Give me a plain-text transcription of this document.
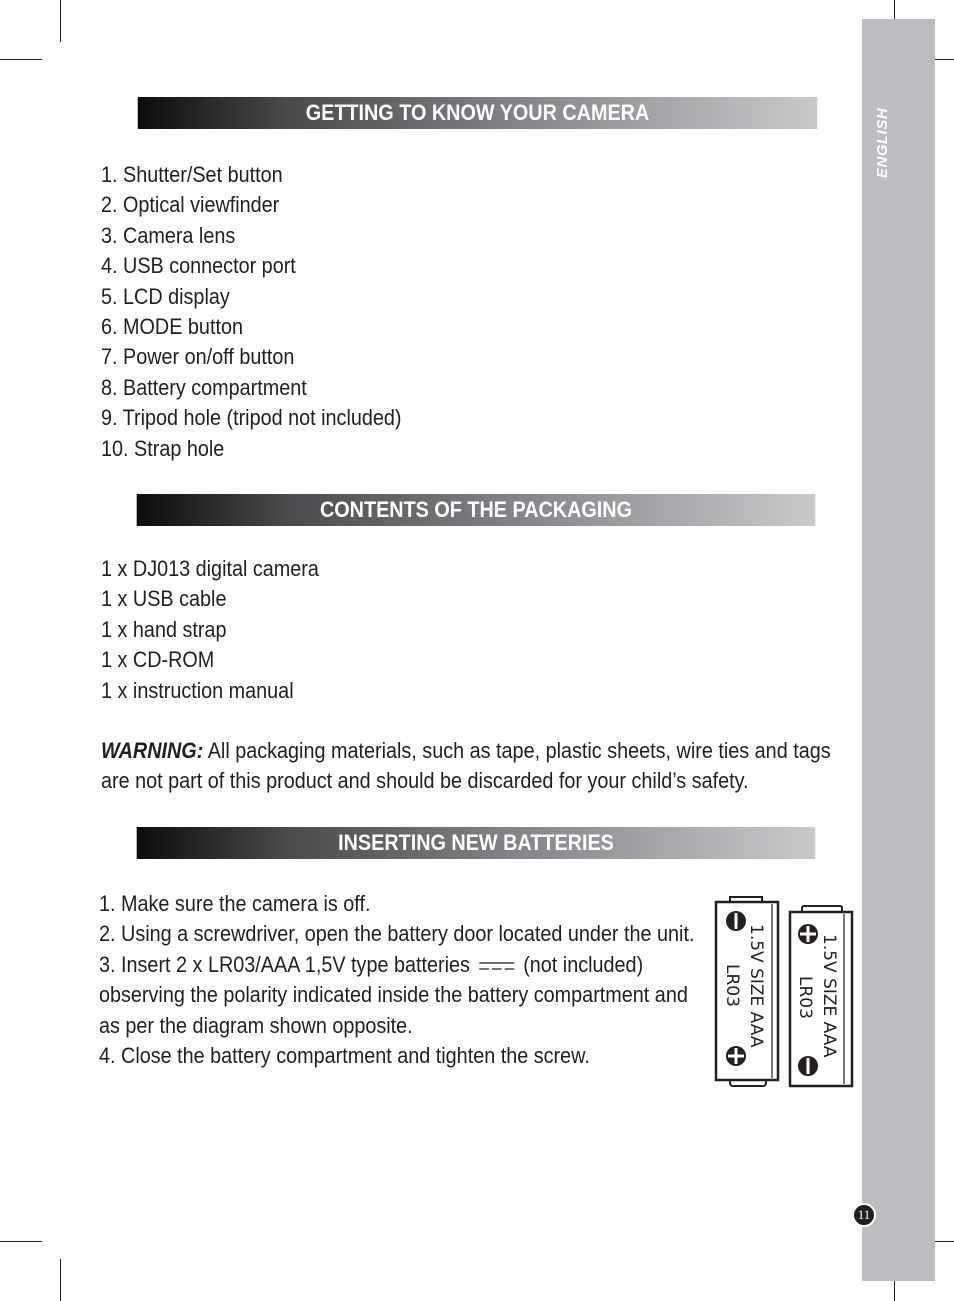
ENGLISH
11
GETTING TO KNOW YOUR CAMERA
1. Shutter/Set button
2. Optical viewfinder
3. Camera lens
4. USB connector port
5. LCD display
6. MODE button
7. Power on/off button
8. Battery compartment
9. Tripod hole (tripod not included)
10. Strap hole
CONTENTS OF THE PACKAGING
1 x DJ013 digital camera
1 x USB cable
1 x hand strap
1 x CD-ROM
1 x instruction manual
WARNING: All packaging materials, such as tape, plastic sheets, wire ties and tags
are not part of this product and should be discarded for your child’s safety.
INSERTING NEW BATTERIES
1. Make sure the camera is off.
2. Using a screwdriver, open the battery door located under the unit.
3. Insert 2 x LR03/AAA 1,5V type batteries (not included)
observing the polarity indicated inside the battery compartment and
as per the diagram shown opposite.
4. Close the battery compartment and tighten the screw.
1.5V SIZE AAA
LR03	1.5V SIZE AAA
LR03
